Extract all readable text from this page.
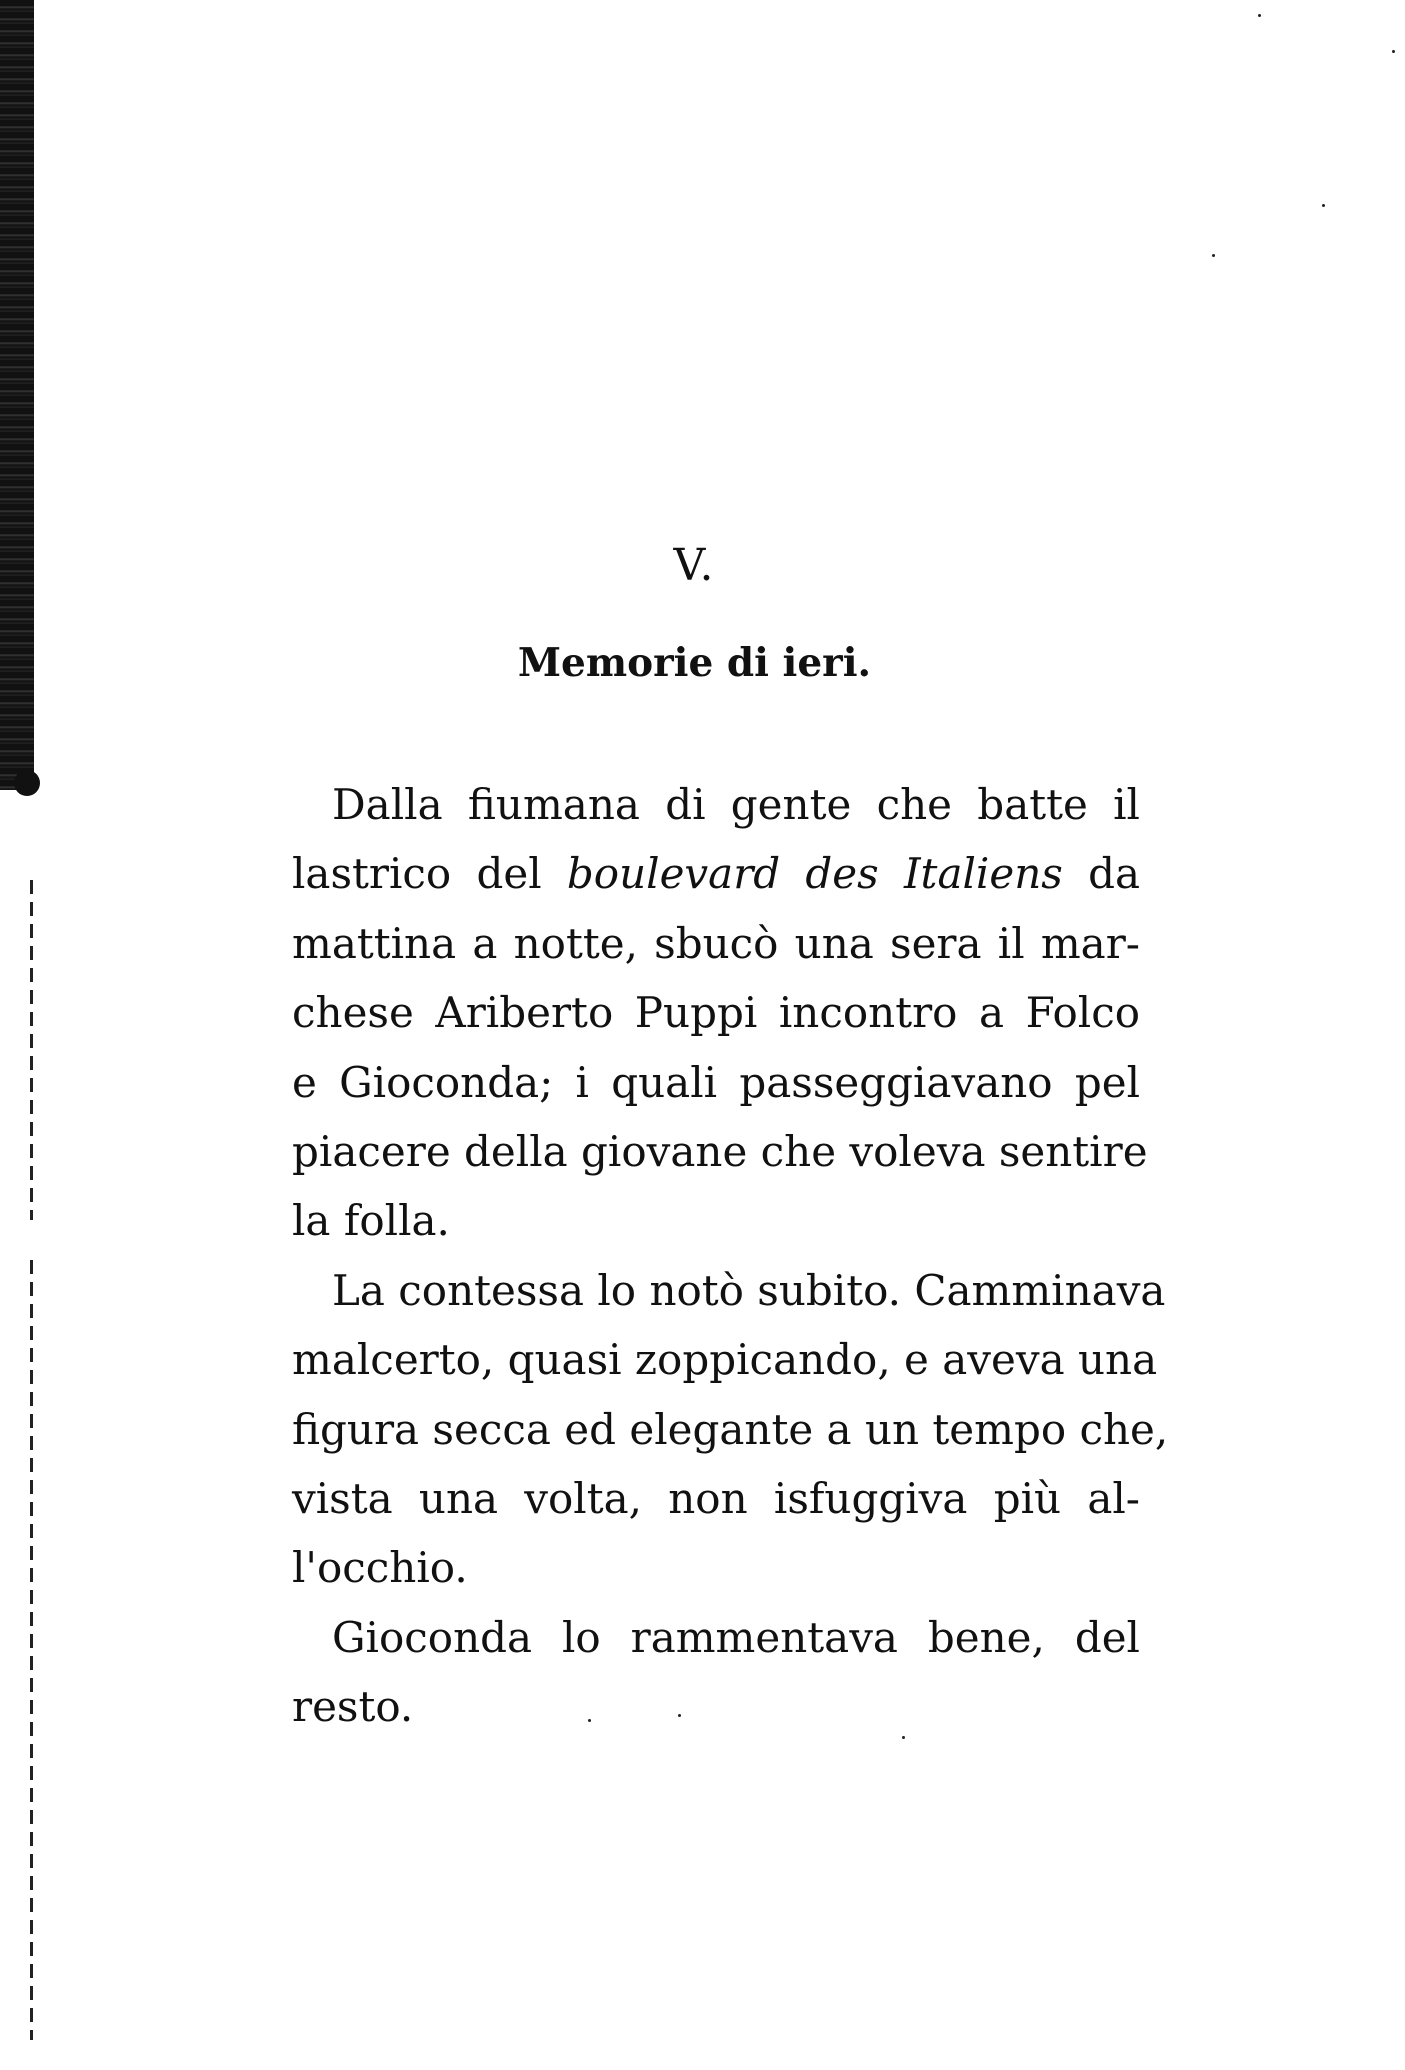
V.
Memorie di ieri.
Dalla fiumana di gente che batte il
lastrico del boulevard des Italiens da
mattina a notte, sbucò una sera il mar-
chese Ariberto Puppi incontro a Folco
e Gioconda; i quali passeggiavano pel
piacere della giovane che voleva sentire
la folla.
La contessa lo notò subito. Camminava
malcerto, quasi zoppicando, e aveva una
figura secca ed elegante a un tempo che,
vista una volta, non isfuggiva più al-
l'occhio.
Gioconda lo rammentava bene, del
resto.
